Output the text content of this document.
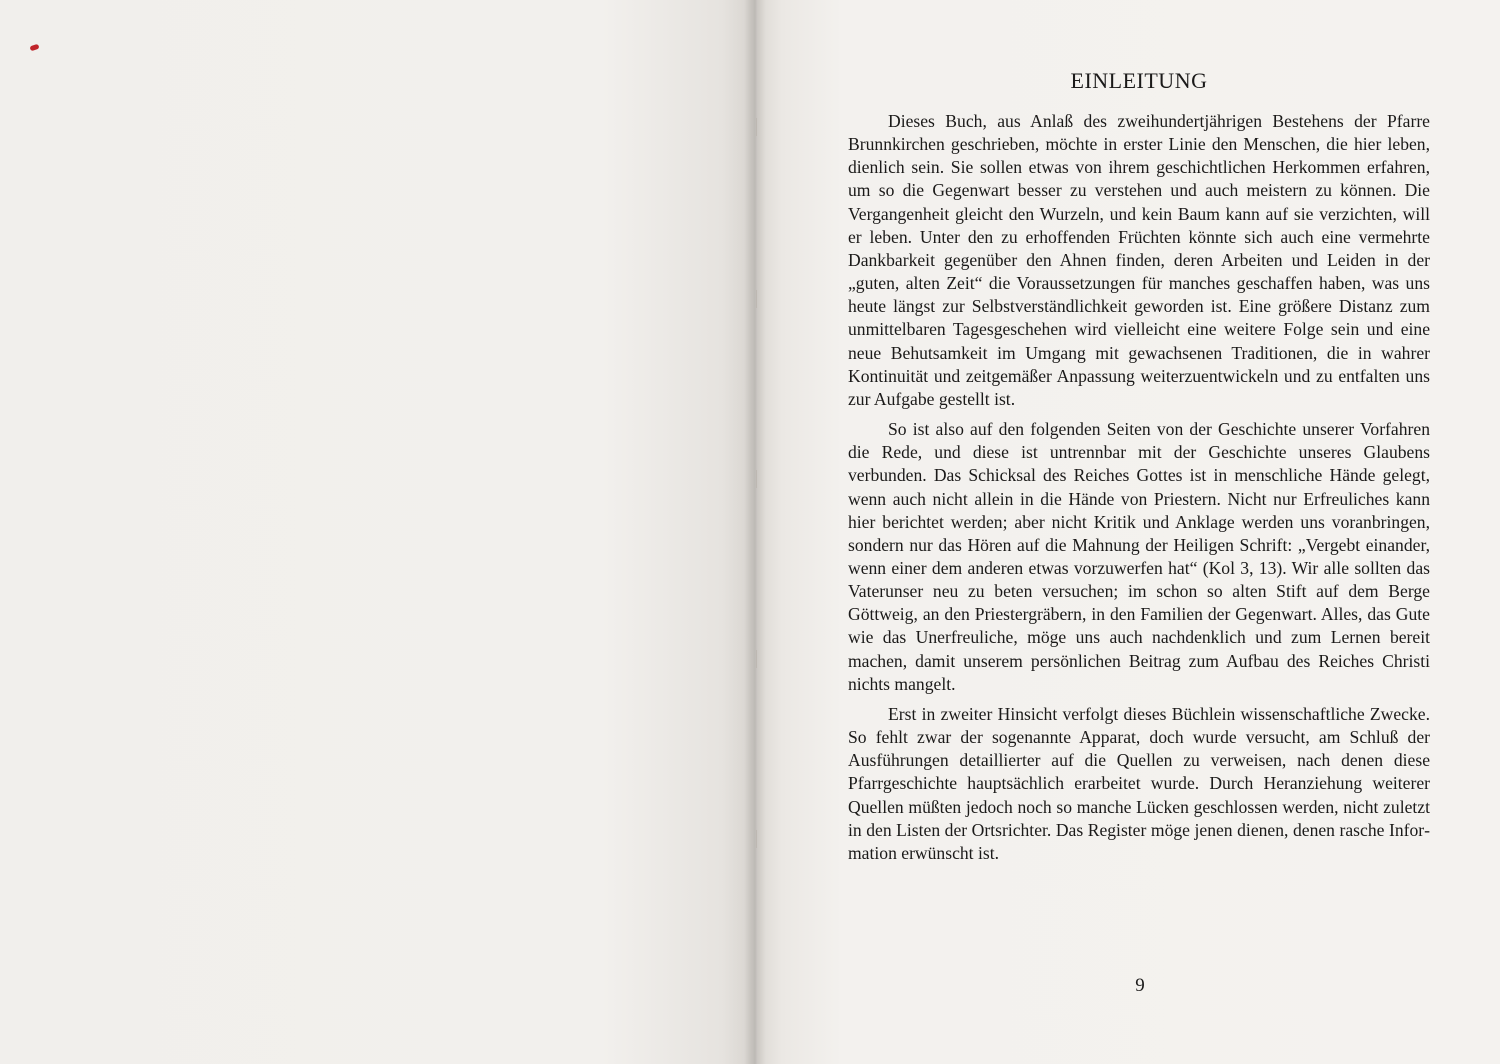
EINLEITUNG

Dieses Buch, aus Anlaß des zweihundertjährigen Bestehens der Pfarre Brunnkirchen geschrieben, möchte in erster Linie den Menschen, die hier leben, dienlich sein. Sie sollen etwas von ihrem geschichtlichen Herkommen erfahren, um so die Gegenwart besser zu verstehen und auch meistern zu können. Die Vergangenheit gleicht den Wurzeln, und kein Baum kann auf sie verzichten, will er leben. Unter den zu erhoffenden Früchten könnte sich auch eine vermehrte Dankbarkeit gegenüber den Ahnen finden, deren Arbeiten und Leiden in der „guten, alten Zeit“ die Voraussetzungen für manches geschaffen haben, was uns heute längst zur Selbstverständlichkeit geworden ist. Eine größere Distanz zum unmittelbaren Tagesgeschehen wird vielleicht eine weitere Folge sein und eine neue Behutsamkeit im Umgang mit gewachsenen Traditionen, die in wahrer Kontinuität und zeitgemäßer Anpassung weiterzuentwickeln und zu entfalten uns zur Aufgabe gestellt ist.

So ist also auf den folgenden Seiten von der Geschichte unserer Vorfahren die Rede, und diese ist untrennbar mit der Geschichte unseres Glaubens verbunden. Das Schicksal des Reiches Gottes ist in menschliche Hände gelegt, wenn auch nicht allein in die Hände von Priestern. Nicht nur Erfreuliches kann hier berichtet werden; aber nicht Kritik und Anklage werden uns voranbringen, sondern nur das Hören auf die Mahnung der Heiligen Schrift: „Vergebt einander, wenn einer dem anderen etwas vorzuwerfen hat“ (Kol 3, 13). Wir alle sollten das Vaterunser neu zu beten versuchen; im schon so alten Stift auf dem Berge Göttweig, an den Priestergräbern, in den Familien der Gegenwart. Alles, das Gute wie das Unerfreuliche, möge uns auch nachdenklich und zum Lernen bereit machen, damit unserem persönlichen Beitrag zum Aufbau des Reiches Christi nichts mangelt.

Erst in zweiter Hinsicht verfolgt dieses Büchlein wissenschaftliche Zwecke. So fehlt zwar der sogenannte Apparat, doch wurde versucht, am Schluß der Ausführungen detaillierter auf die Quellen zu verweisen, nach denen diese Pfarrgeschichte hauptsächlich erarbeitet wurde. Durch Heranziehung weiterer Quellen müßten jedoch noch so manche Lücken geschlossen werden, nicht zuletzt in den Listen der Ortsrichter. Das Register möge jenen dienen, denen rasche Information erwünscht ist.

9
